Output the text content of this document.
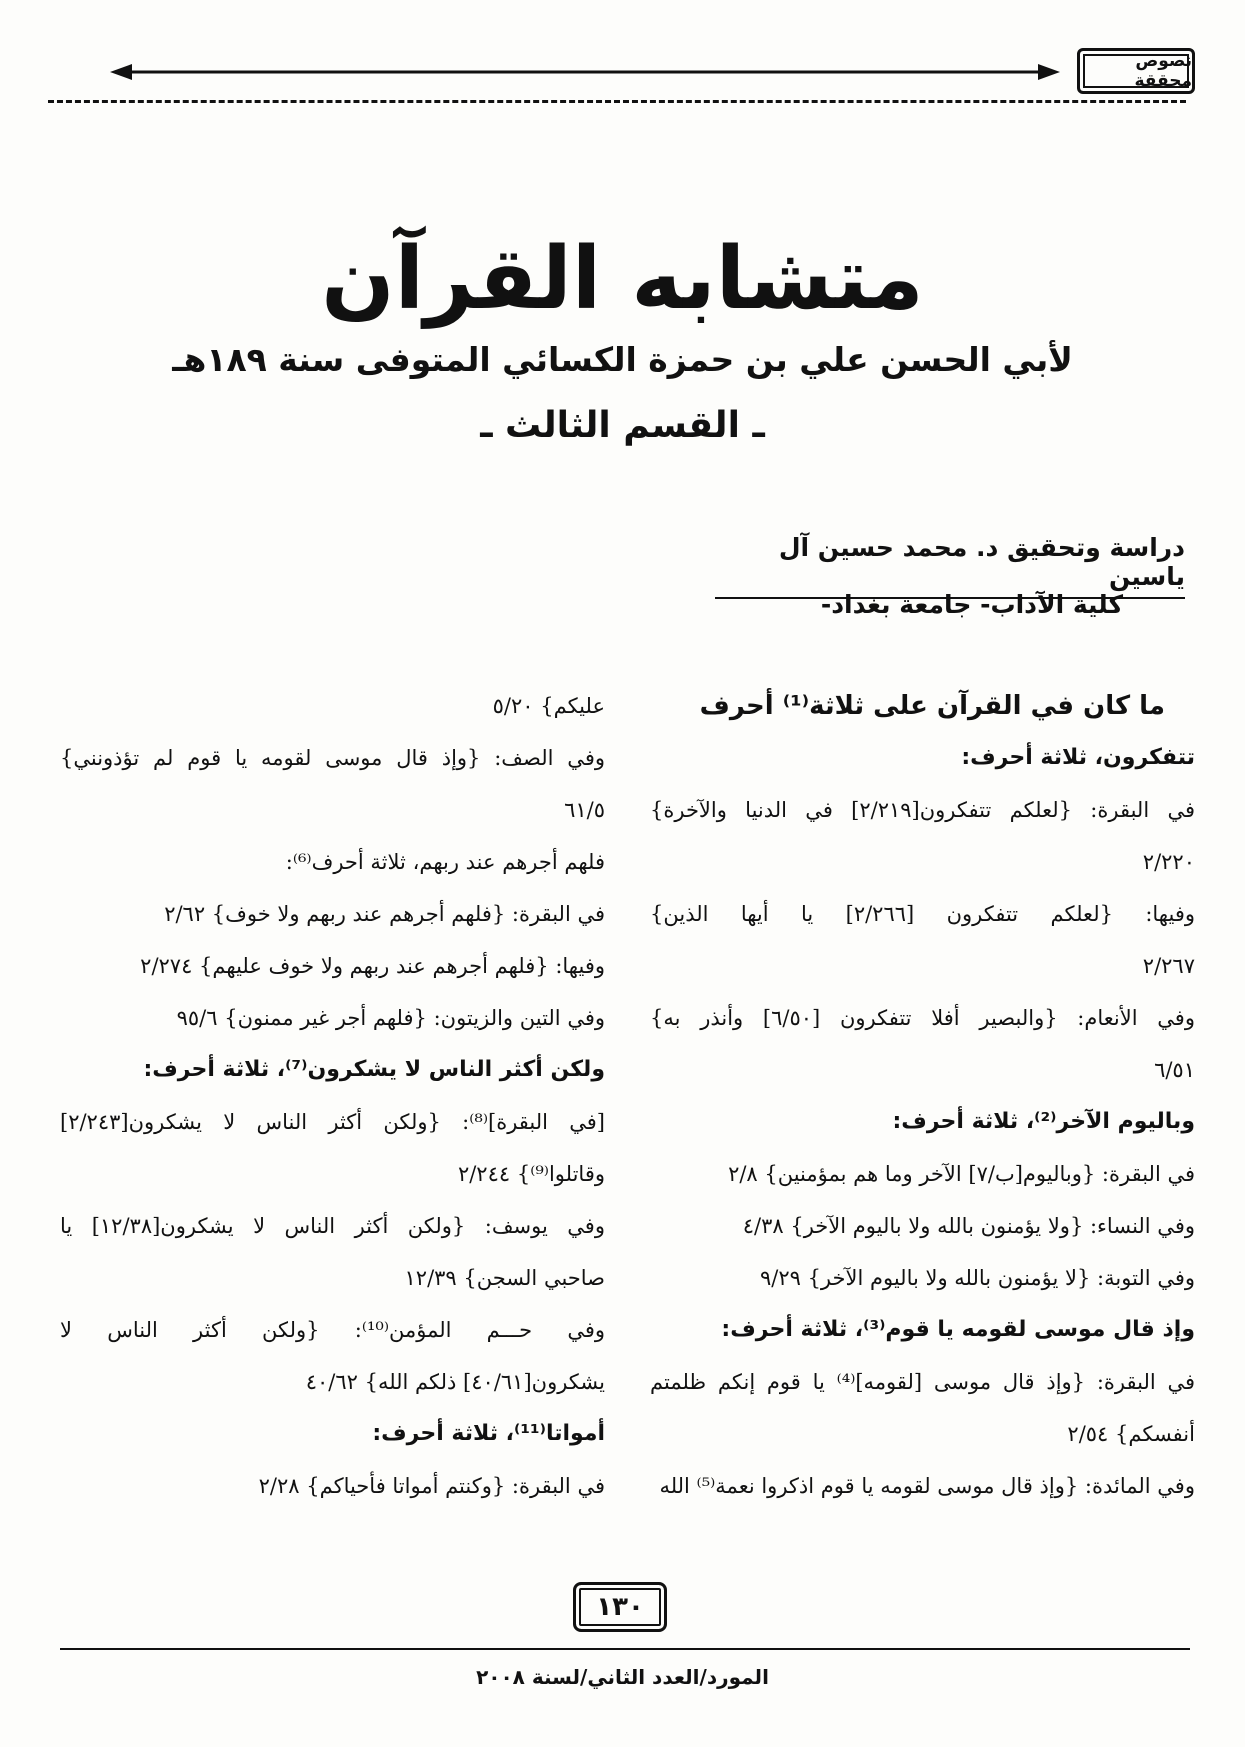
نصوص محققة
متشابه القرآن
لأبي الحسن علي بن حمزة الكسائي المتوفى سنة ١٨٩هـ
ـ القسم الثالث ـ
دراسة وتحقيق د. محمد حسين آل ياسين
كلية الآداب- جامعة بغداد-
ما كان في القرآن على ثلاثة⁽¹⁾ أحرف
تتفكرون، ثلاثة أحرف:
في البقرة: {لعلكم تتفكرون[٢/٢١٩] في الدنيا والآخرة}
٢/٢٢٠
وفيها: {لعلكم تتفكرون [٢/٢٦٦] يا أيها الذين}
٢/٢٦٧
وفي الأنعام: {والبصير أفلا تتفكرون [٦/٥٠] وأنذر به}
٦/٥١
وباليوم الآخر⁽²⁾، ثلاثة أحرف:
في البقرة: {وباليوم[ب/٧] الآخر وما هم بمؤمنين} ٢/٨
وفي النساء: {ولا يؤمنون بالله ولا باليوم الآخر} ٤/٣٨
وفي التوبة: {لا يؤمنون بالله ولا باليوم الآخر} ٩/٢٩
وإذ قال موسى لقومه يا قوم⁽³⁾، ثلاثة أحرف:
في البقرة: {وإذ قال موسى [لقومه]⁽⁴⁾ يا قوم إنكم ظلمتم
أنفسكم} ٢/٥٤
وفي المائدة: {وإذ قال موسى لقومه يا قوم اذكروا نعمة⁽⁵⁾ الله
عليكم} ٥/٢٠
وفي الصف: {وإذ قال موسى لقومه يا قوم لم تؤذونني}
٦١/٥
فلهم أجرهم عند ربهم، ثلاثة أحرف⁽⁶⁾:
في البقرة: {فلهم أجرهم عند ربهم ولا خوف} ٢/٦٢
وفيها: {فلهم أجرهم عند ربهم ولا خوف عليهم} ٢/٢٧٤
وفي التين والزيتون: {فلهم أجر غير ممنون} ٩٥/٦
ولكن أكثر الناس لا يشكرون⁽⁷⁾، ثلاثة أحرف:
[في البقرة]⁽⁸⁾: {ولكن أكثر الناس لا يشكرون[٢/٢٤٣]
وقاتلوا⁽⁹⁾} ٢/٢٤٤
وفي يوسف: {ولكن أكثر الناس لا يشكرون[١٢/٣٨] يا
صاحبي السجن} ١٢/٣٩
وفي حـــم المؤمن⁽¹⁰⁾: {ولكن أكثر الناس لا
يشكرون[٤٠/٦١] ذلكم الله} ٤٠/٦٢
أمواتا⁽¹¹⁾، ثلاثة أحرف:
في البقرة: {وكنتم أمواتا فأحياكم} ٢/٢٨
١٣٠
المورد/العدد الثاني/لسنة ٢٠٠٨
